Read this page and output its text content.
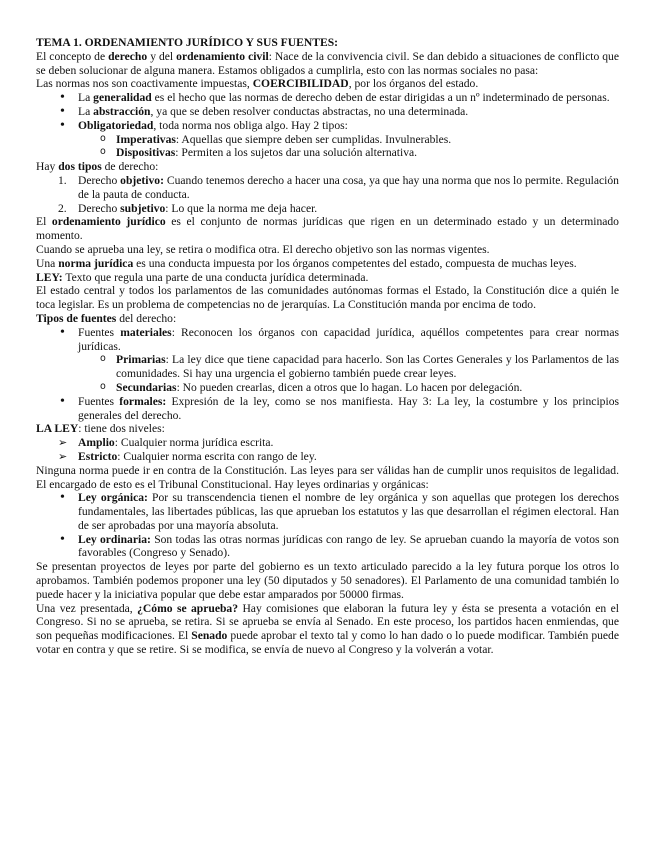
TEMA 1. ORDENAMIENTO JURÍDICO Y SUS FUENTES:

El concepto de derecho y del ordenamiento civil: Nace de la convivencia civil. Se dan debido a situaciones de conflicto que se deben solucionar de alguna manera. Estamos obligados a cumplirla, esto con las normas sociales no pasa:

Las normas nos son coactivamente impuestas, COERCIBILIDAD, por los órganos del estado.

• La generalidad es el hecho que las normas de derecho deben de estar dirigidas a un nº indeterminado de personas.
• La abstracción, ya que se deben resolver conductas abstractas, no una determinada.
• Obligatoriedad, toda norma nos obliga algo. Hay 2 tipos:
o Imperativas: Aquellas que siempre deben ser cumplidas. Invulnerables.
o Dispositivas: Permiten a los sujetos dar una solución alternativa.

Hay dos tipos de derecho:

1. Derecho objetivo: Cuando tenemos derecho a hacer una cosa, ya que hay una norma que nos lo permite. Regulación de la pauta de conducta.
2. Derecho subjetivo: Lo que la norma me deja hacer.

El ordenamiento jurídico es el conjunto de normas jurídicas que rigen en un determinado estado y un determinado momento.

Cuando se aprueba una ley, se retira o modifica otra. El derecho objetivo son las normas vigentes.

Una norma jurídica es una conducta impuesta por los órganos competentes del estado, compuesta de muchas leyes.

LEY: Texto que regula una parte de una conducta jurídica determinada.

El estado central y todos los parlamentos de las comunidades autónomas formas el Estado, la Constitución dice a quién le toca legislar. Es un problema de competencias no de jerarquías. La Constitución manda por encima de todo.

Tipos de fuentes del derecho:

• Fuentes materiales: Reconocen los órganos con capacidad jurídica, aquéllos competentes para crear normas jurídicas.
o Primarias: La ley dice que tiene capacidad para hacerlo. Son las Cortes Generales y los Parlamentos de las comunidades. Si hay una urgencia el gobierno también puede crear leyes.
o Secundarias: No pueden crearlas, dicen a otros que lo hagan. Lo hacen por delegación.
• Fuentes formales: Expresión de la ley, como se nos manifiesta. Hay 3: La ley, la costumbre y los principios generales del derecho.

LA LEY: tiene dos niveles:

➢ Amplio: Cualquier norma jurídica escrita.
➢ Estricto: Cualquier norma escrita con rango de ley.

Ninguna norma puede ir en contra de la Constitución. Las leyes para ser válidas han de cumplir unos requisitos de legalidad. El encargado de esto es el Tribunal Constitucional. Hay leyes ordinarias y orgánicas:

• Ley orgánica: Por su transcendencia tienen el nombre de ley orgánica y son aquellas que protegen los derechos fundamentales, las libertades públicas, las que aprueban los estatutos y las que desarrollan el régimen electoral. Han de ser aprobadas por una mayoría absoluta.
• Ley ordinaria: Son todas las otras normas jurídicas con rango de ley. Se aprueban cuando la mayoría de votos son favorables (Congreso y Senado).

Se presentan proyectos de leyes por parte del gobierno es un texto articulado parecido a la ley futura porque los otros lo aprobamos. También podemos proponer una ley (50 diputados y 50 senadores). El Parlamento de una comunidad también lo puede hacer y la iniciativa popular que debe estar amparados por 50000 firmas.

Una vez presentada, ¿Cómo se aprueba? Hay comisiones que elaboran la futura ley y ésta se presenta a votación en el Congreso. Si no se aprueba, se retira. Si se aprueba se envía al Senado. En este proceso, los partidos hacen enmiendas, que son pequeñas modificaciones. El Senado puede aprobar el texto tal y como lo han dado o lo puede modificar. También puede votar en contra y que se retire. Si se modifica, se envía de nuevo al Congreso y la volverán a votar.
